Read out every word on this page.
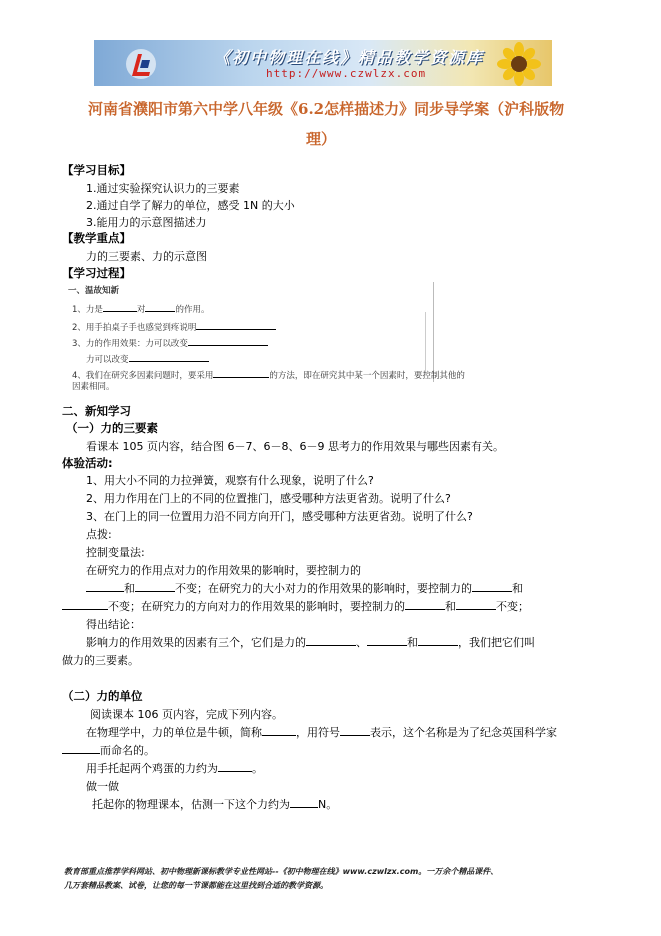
《初中物理在线》精品教学资源库
http://www.czwlzx.com
河南省濮阳市第六中学八年级《6.2怎样描述力》同步导学案（沪科版物
理）
【学习目标】
1.通过实验探究认识力的三要素
2.通过自学了解力的单位，感受 1N 的大小
3.能用力的示意图描述力
【教学重点】
力的三要素、力的示意图
【学习过程】
一、温故知新
1、力是	对	的作用。
2、用手拍桌子手也感觉到疼说明
3、力的作用效果：力可以改变
力可以改变
4、我们在研究多因素问题时，要采用	的方法，即在研究其中某一个因素时，要控制其他的
因素相同。
二、新知学习
（一）力的三要素
看课本 105 页内容，结合图 6－7、6－8、6－9 思考力的作用效果与哪些因素有关。
体验活动:
1、用大小不同的力拉弹簧，观察有什么现象，说明了什么?
2、用力作用在门上的不同的位置推门，感受哪种方法更省劲。说明了什么?
3、在门上的同一位置用力沿不同方向开门，感受哪种方法更省劲。说明了什么?
点拨:
控制变量法:
在研究力的作用点对力的作用效果的影响时，要控制力的
和	不变；在研究力的大小对力的作用效果的影响时，要控制力的	和
不变；在研究力的方向对力的作用效果的影响时，要控制力的	和	不变；
得出结论：
影响力的作用效果的因素有三个，它们是力的	、	和	，我们把它们叫
做力的三要素。
（二）力的单位
阅读课本 106 页内容，完成下列内容。
在物理学中，力的单位是牛顿，简称	，用符号	表示，这个名称是为了纪念英国科学家
而命名的。
用手托起两个鸡蛋的力约为	。
做一做
托起你的物理课本，估测一下这个力约为	N。
教育部重点推荐学科网站、初中物理新课标教学专业性网站--《初中物理在线》www.czwlzx.com。一万余个精品课件、
几万套精品教案、试卷，让您的每一节课都能在这里找到合适的教学资源。
